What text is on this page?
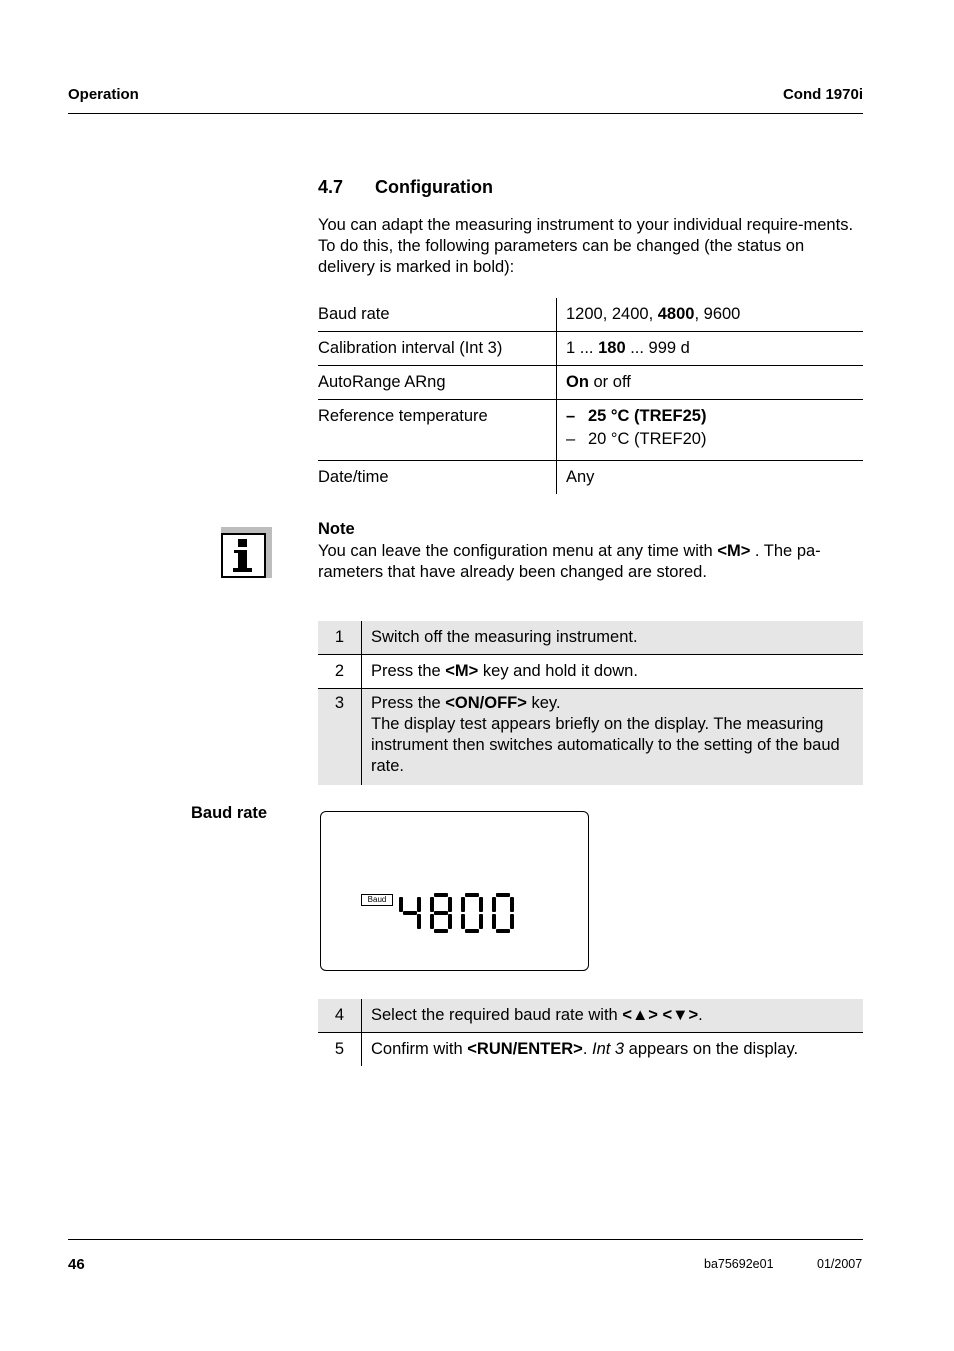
Operation	Cond 1970i
4.7 Configuration
You can adapt the measuring instrument to your individual require-ments. To do this, the following parameters can be changed (the status on delivery is marked in bold):
Baud rate	1200, 2400, 4800, 9600
Calibration interval (Int 3)	1 ... 180 ... 999 d
AutoRange ARng	On or off

Reference temperature	– 25 °C (TREF25)
– 20 °C (TREF20)

Date/time	Any
Note
You can leave the configuration menu at any time with <M> . The pa-rameters that have already been changed are stored.
1	Switch off the measuring instrument.
2	Press the <M> key and hold it down.

3	Press the <ON/OFF> key.
The display test appears briefly on the display. The measuring instrument then switches automatically to the setting of the baud rate.
Baud rate
Baud
4	Select the required baud rate with <▲> <▼>.
5	Confirm with <RUN/ENTER>. Int 3 appears on the display.
46	ba75692e01	01/2007
